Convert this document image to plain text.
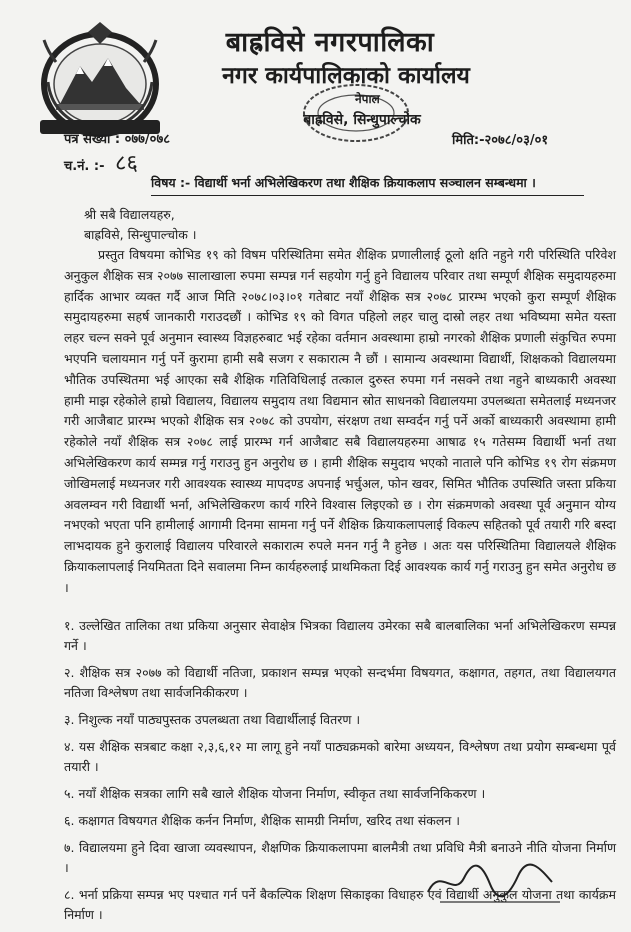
बाह्रविसे नगरपालिका
नगर कार्यपालिकाको कार्यालय
नेपाल
बाह्रविसे, सिन्धुपाल्चोक
पत्र संख्या : ०७७/०७८
च.नं. :- ८६
मिति:-२०७८/०३/०१
विषय :- विद्यार्थी भर्ना अभिलेखिकरण तथा शैक्षिक क्रियाकलाप सञ्चालन सम्बन्धमा ।
श्री सबै विद्यालयहरु,
बाह्रविसे, सिन्धुपाल्चोक ।
प्रस्तुत विषयमा कोभिड १९ को विषम परिस्थितिमा समेत शैक्षिक प्रणालीलाई ठूलो क्षति नहुने गरी परिस्थिति परिवेश अनुकुल शैक्षिक सत्र २०७७ सालाखाला रुपमा सम्पन्न गर्न सहयोग गर्नु हुने विद्यालय परिवार तथा सम्पूर्ण शैक्षिक समुदायहरुमा हार्दिक आभार व्यक्त गर्दै आज मिति २०७८।०३।०१ गतेबाट नयाँ शैक्षिक सत्र २०७८ प्रारम्भ भएको कुरा सम्पूर्ण शैक्षिक समुदायहरुमा सहर्ष जानकारी गराउदछौं । कोभिड १९ को विगत पहिलो लहर चालु दास्रो लहर तथा भविष्यमा समेत यस्ता लहर चल्न सक्ने पूर्व अनुमान स्वास्थ्य विज्ञहरुबाट भई रहेका वर्तमान अवस्थामा हाम्रो नगरको शैक्षिक प्रणाली संकुचित रुपमा भएपनि चलायमान गर्नु पर्ने कुरामा हामी सबै सजग र सकारात्म नै छौं । सामान्य अवस्थामा विद्यार्थी, शिक्षकको विद्यालयमा भौतिक उपस्थितमा भई आएका सबै शैक्षिक गतिविधिलाई तत्काल दुरुस्त रुपमा गर्न नसक्ने तथा नहुने बाध्यकारी अवस्था हामी माझ रहेकोले हाम्रो विद्यालय, विद्यालय समुदाय तथा विद्यमान स्रोत साधनको विद्यालयमा उपलब्धता समेतलाई मध्यनजर गरी आजैबाट प्रारम्भ भएको शैक्षिक सत्र २०७८ को उपयोग, संरक्षण तथा सम्वर्दन गर्नु पर्ने अर्को बाध्यकारी अवस्थामा हामी रहेकोले नयाँ शैक्षिक सत्र २०७८ लाई प्रारम्भ गर्न आजैबाट सबै विद्यालयहरुमा आषाढ १५ गतेसम्म विद्यार्थी भर्ना तथा अभिलेखिकरण कार्य सम्मन्न गर्नु गराउनु हुन अनुरोध छ । हामी शैक्षिक समुदाय भएको नाताले पनि कोभिड १९ रोग संक्रमण जोखिमलाई मध्यनजर गरी आवश्यक स्वास्थ्य मापदण्ड अपनाई भर्चुअल, फोन खवर, सिमित भौतिक उपस्थिति जस्ता प्रकिया अवलम्वन गरी विद्यार्थी भर्ना, अभिलेखिकरण कार्य गरिने विश्वास लिइएको छ । रोग संक्रमणको अवस्था पूर्व अनुमान योग्य नभएको भएता पनि हामीलाई आगामी दिनमा सामना गर्नु पर्ने शैक्षिक क्रियाकलापलाई विकल्प सहितको पूर्व तयारी गरि बस्दा लाभदायक हुने कुरालाई विद्यालय परिवारले सकारात्म रुपले मनन गर्नु नै हुनेछ । अतः यस परिस्थितिमा विद्यालयले शैक्षिक क्रियाकलापलाई नियमितता दिने सवालमा निम्न कार्यहरुलाई प्राथमिकता दिई आवश्यक कार्य गर्नु गराउनु हुन समेत अनुरोध छ ।
१. उल्लेखित तालिका तथा प्रकिया अनुसार सेवाक्षेत्र भित्रका विद्यालय उमेरका सबै बालबालिका भर्ना अभिलेखिकरण सम्पन्न गर्ने ।
२. शैक्षिक सत्र २०७७ को विद्यार्थी नतिजा, प्रकाशन सम्पन्न भएको सन्दर्भमा विषयगत, कक्षागत, तहगत, तथा विद्यालयगत नतिजा विश्लेषण तथा सार्वजनिकीकरण ।
३. निशुल्क नयाँ पाठ्यपुस्तक उपलब्धता तथा विद्यार्थीलाई वितरण ।
४. यस शैक्षिक सत्रबाट कक्षा २,३,६,१२ मा लागू हुने नयाँ पाठ्यक्रमको बारेमा अध्ययन, विश्लेषण तथा प्रयोग सम्बन्धमा पूर्व तयारी ।
५. नयाँ शैक्षिक सत्रका लागि सबै खाले शैक्षिक योजना निर्माण, स्वीकृत तथा सार्वजनिकिकरण ।
६. कक्षागत विषयगत शैक्षिक कर्नन निर्माण, शैक्षिक सामग्री निर्माण, खरिद तथा संकलन ।
७. विद्यालयमा हुने दिवा खाजा व्यवस्थापन, शैक्षणिक क्रियाकलापमा बालमैत्री तथा प्रविधि मैत्री बनाउने नीति योजना निर्माण ।
८. भर्ना प्रक्रिया सम्पन्न भए पश्चात गर्न पर्ने बैकल्पिक शिक्षण सिकाइका विधाहरु एवं विद्यार्थी अनुकुल योजना तथा कार्यक्रम निर्माण ।
